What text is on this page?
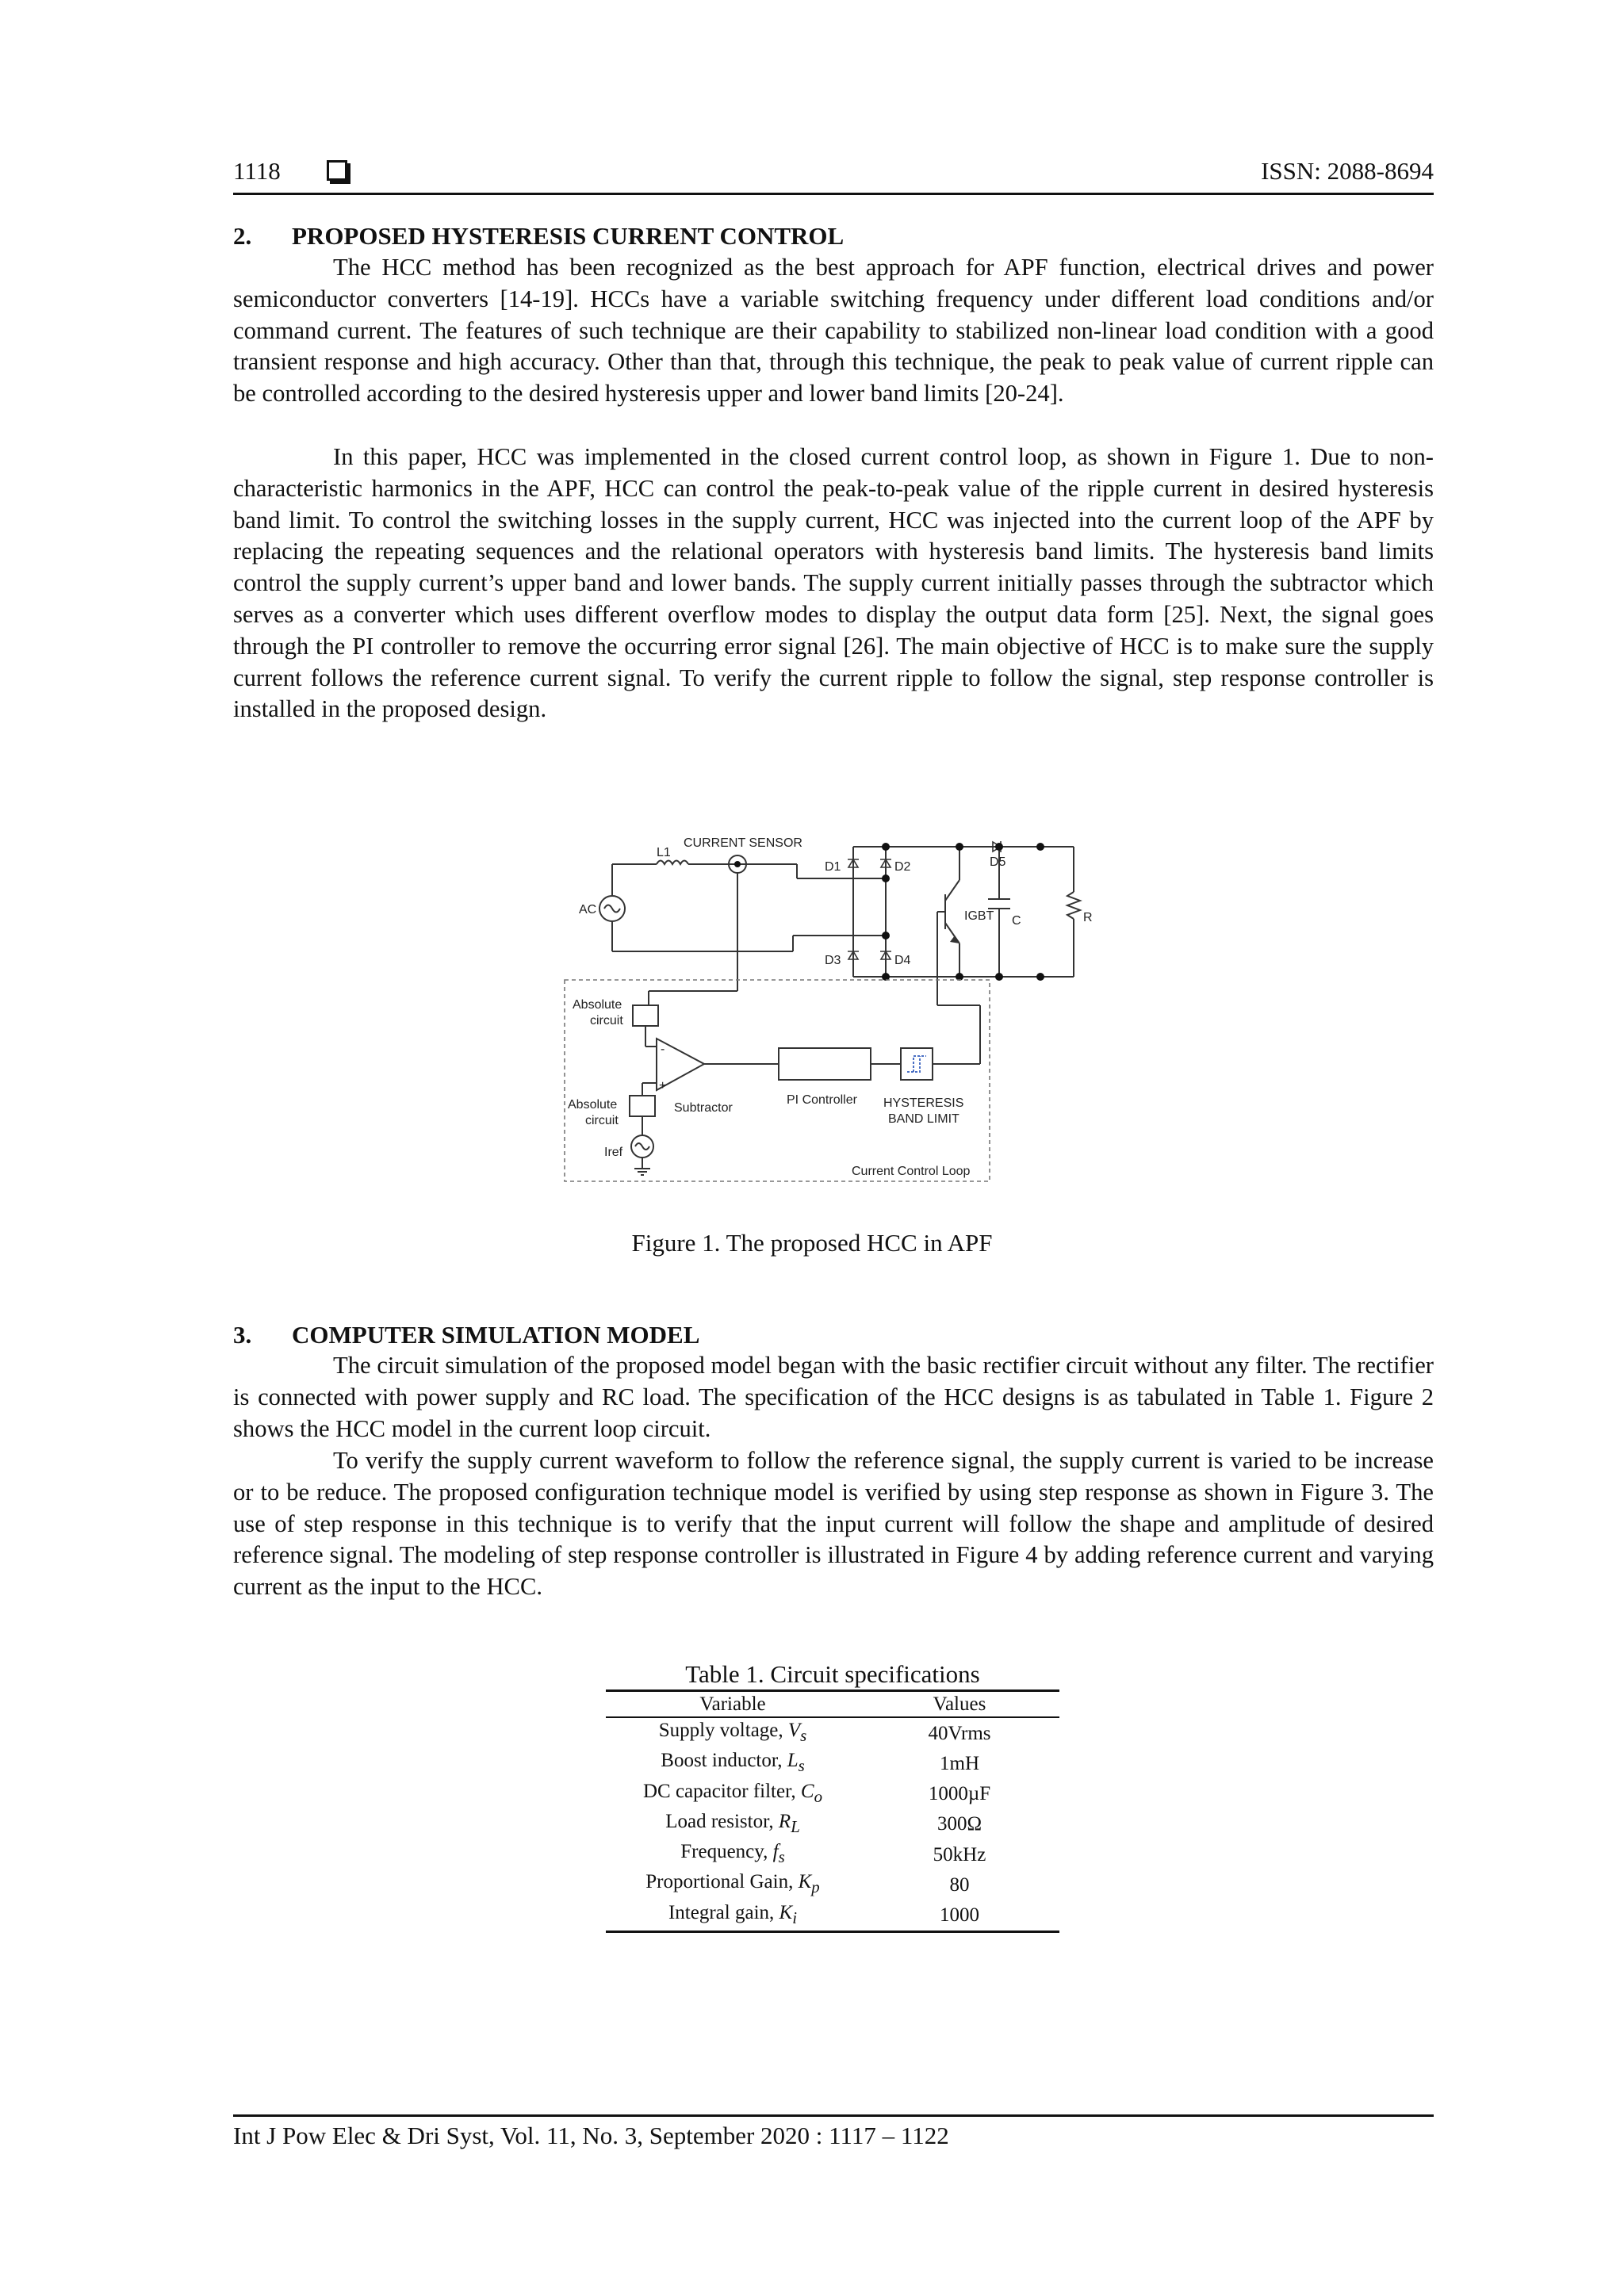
1118	ISSN: 2088-8694
2. PROPOSED HYSTERESIS CURRENT CONTROL

The HCC method has been recognized as the best approach for APF function, electrical drives and power semiconductor converters [14-19]. HCCs have a variable switching frequency under different load conditions and/or command current. The features of such technique are their capability to stabilized non-linear load condition with a good transient response and high accuracy. Other than that, through this technique, the peak to peak value of current ripple can be controlled according to the desired hysteresis upper and lower band limits [20-24].

In this paper, HCC was implemented in the closed current control loop, as shown in Figure 1. Due to non-characteristic harmonics in the APF, HCC can control the peak-to-peak value of the ripple current in desired hysteresis band limit. To control the switching losses in the supply current, HCC was injected into the current loop of the APF by replacing the repeating sequences and the relational operators with hysteresis band limits. The hysteresis band limits control the supply current’s upper band and lower bands. The supply current initially passes through the subtractor which serves as a converter which uses different overflow modes to display the output data form [25]. Next, the signal goes through the PI controller to remove the occurring error signal [26]. The main objective of HCC is to make sure the supply current follows the reference current signal. To verify the current ripple to follow the signal, step response controller is installed in the proposed design.

L1
CURRENT SENSOR
AC
D1	D2
D3	D4
D5
IGBT C	R
Absolute
circuit
Absolute
circuit
Subtractor
PI Controller HYSTERESIS
BAND LIMIT
Iref
-
+
Current Control Loop
Figure 1. The proposed HCC in APF
3. COMPUTER SIMULATION MODEL

The circuit simulation of the proposed model began with the basic rectifier circuit without any filter. The rectifier is connected with power supply and RC load. The specification of the HCC designs is as tabulated in Table 1. Figure 2 shows the HCC model in the current loop circuit.

To verify the supply current waveform to follow the reference signal, the supply current is varied to be increase or to be reduce. The proposed configuration technique model is verified by using step response as shown in Figure 3. The use of step response in this technique is to verify that the input current will follow the shape and amplitude of desired reference signal. The modeling of step response controller is illustrated in Figure 4 by adding reference current and varying current as the input to the HCC.

Table 1. Circuit specifications
Variable	Values
Supply voltage, $V_s$	40Vrms
Boost inductor, $L_s$	1mH
DC capacitor filter, $C_o$	1000µF
Load resistor, $R_L$	300Ω
Frequency, $f_s$	50kHz
Proportional Gain, $K_p$	80
Integral gain, $K_i$	1000
Int J Pow Elec & Dri Syst, Vol. 11, No. 3, September 2020 : 1117 – 1122
